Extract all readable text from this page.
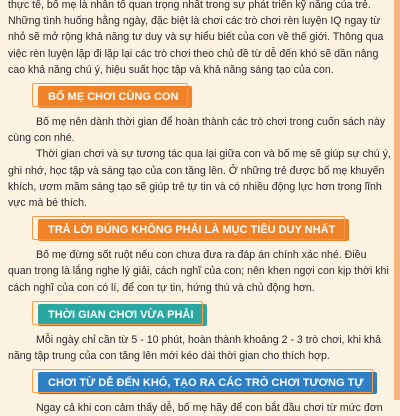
thực tế, bố mẹ là nhân tố quan trọng nhất trong sự phát triển kỹ năng của trẻ.

Những tình huống hằng ngày, đặc biệt là chơi các trò chơi rèn luyện IQ ngay từ nhỏ sẽ mở rộng khả năng tư duy và sự hiểu biết của con về thế giới. Thông qua việc rèn luyện lặp đi lặp lại các trò chơi theo chủ đề từ dễ đến khó sẽ dần nâng cao khả năng chú ý, hiệu suất học tập và khả năng sáng tạo của con.

BỐ MẸ CHƠI CÙNG CON

Bố mẹ nên dành thời gian để hoàn thành các trò chơi trong cuốn sách này cùng con nhé.

Thời gian chơi và sự tương tác qua lại giữa con và bố mẹ sẽ giúp sự chú ý, ghi nhớ, học tập và sáng tạo của con tăng lên. Ở những trẻ được bố mẹ khuyến khích, ươm mầm sáng tạo sẽ giúp trẻ tự tin và có nhiều động lực hơn trong lĩnh vực mà bé thích.

TRẢ LỜI ĐÚNG KHÔNG PHẢI LÀ MỤC TIÊU DUY NHẤT

Bố mẹ đừng sốt ruột nếu con chưa đưa ra đáp án chính xác nhé. Điều quan trọng là lắng nghe lý giải, cách nghĩ của con; nên khen ngợi con kịp thời khi cách nghĩ của con có lí, để con tự tin, hứng thú và chủ động hơn.

THỜI GIAN CHƠI VỪA PHẢI

Mỗi ngày chỉ cần từ 5 - 10 phút, hoàn thành khoảng 2 - 3 trò chơi, khi khả năng tập trung của con tăng lên mới kéo dài thời gian cho thích hợp.

CHƠI TỪ DỄ ĐẾN KHÓ, TẠO RA CÁC TRÒ CHƠI TƯƠNG TỰ

Ngay cả khi con cảm thấy dễ, bố mẹ hãy để con bắt đầu chơi từ mức đơn
